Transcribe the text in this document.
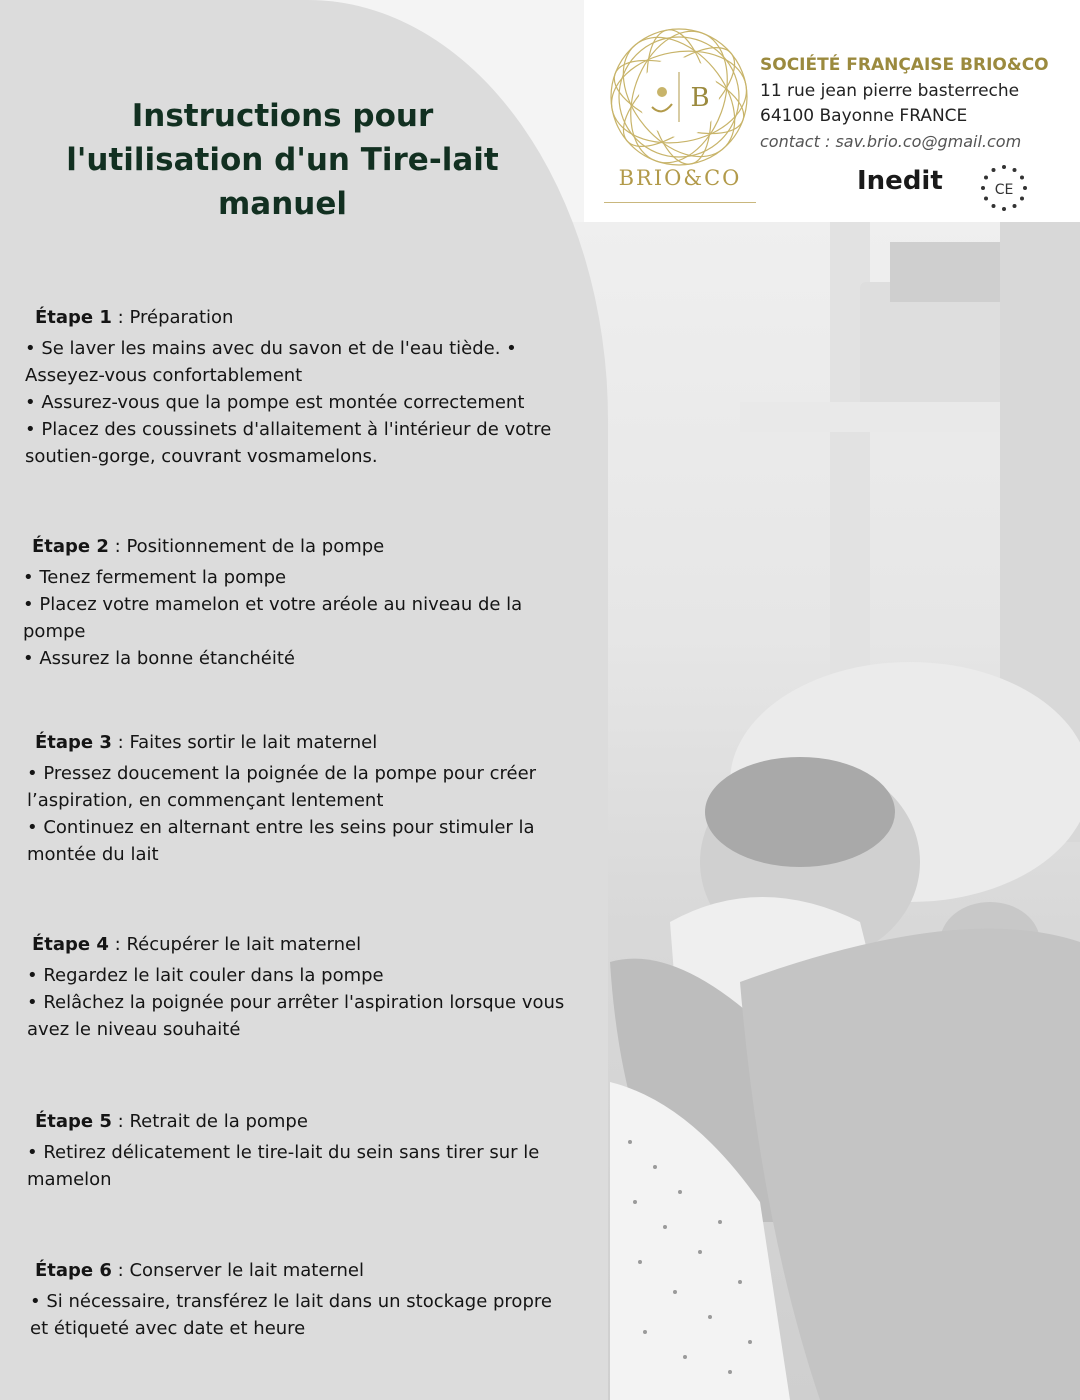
Instructions pour l'utilisation d'un Tire-lait manuel
B
BRIO&CO
SOCIÉTÉ FRANÇAISE BRIO&CO
11 rue jean pierre basterreche
64100 Bayonne FRANCE
contact : sav.brio.co@gmail.com
Inedit	CE

Étape 1 : Préparation

• Se laver les mains avec du savon et de l'eau tiède. • Asseyez-vous confortablement
• Assurez-vous que la pompe est montée correctement
• Placez des coussinets d'allaitement à l'intérieur de votre soutien-gorge, couvrant vosmamelons.

Étape 2 : Positionnement de la pompe

• Tenez fermement la pompe
• Placez votre mamelon et votre aréole au niveau de la pompe
• Assurez la bonne étanchéité

Étape 3 : Faites sortir le lait maternel

• Pressez doucement la poignée de la pompe pour créer l’aspiration, en commençant lentement
• Continuez en alternant entre les seins pour stimuler la montée du lait

Étape 4 : Récupérer le lait maternel

• Regardez le lait couler dans la pompe
• Relâchez la poignée pour arrêter l'aspiration lorsque vous avez le niveau souhaité

Étape 5 : Retrait de la pompe

• Retirez délicatement le tire-lait du sein sans tirer sur le mamelon

Étape 6 : Conserver le lait maternel

• Si nécessaire, transférez le lait dans un stockage propre et étiqueté avec date et heure
